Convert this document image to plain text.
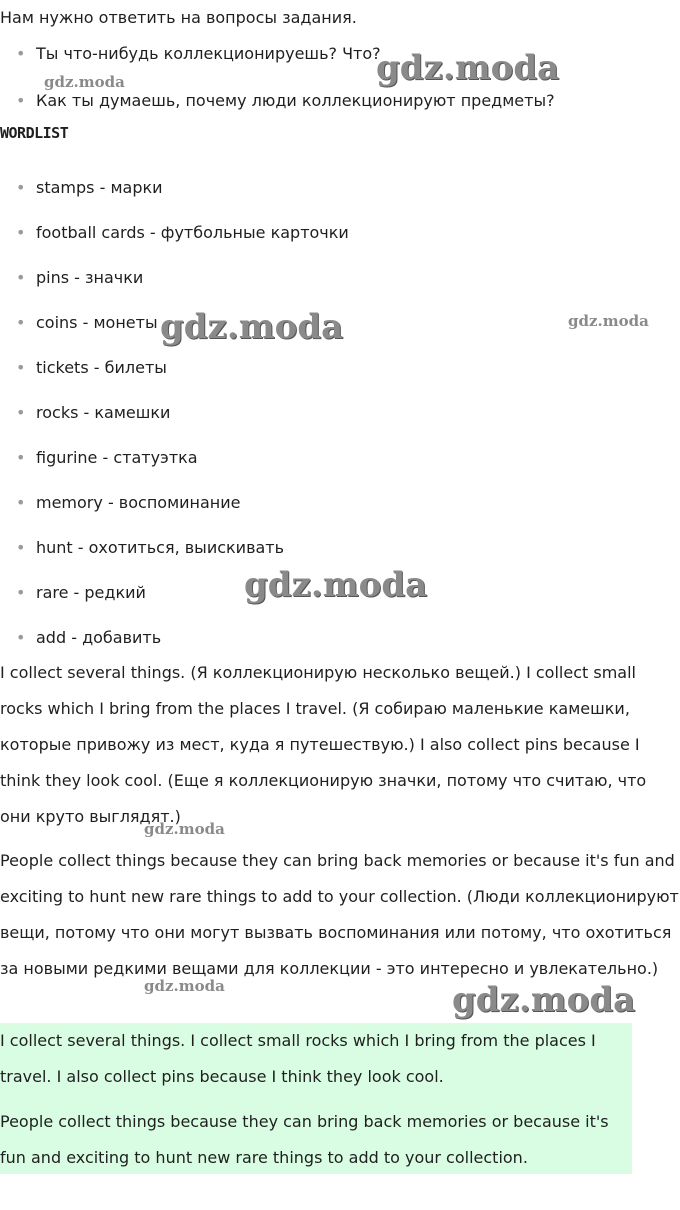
Нам нужно ответить на вопросы задания.
• Ты что-нибудь коллекционируешь? Что?
• Как ты думаешь, почему люди коллекционируют предметы?
WORDLIST
• stamps - марки
• football cards - футбольные карточки
• pins - значки
• coins - монеты
• tickets - билеты
• rocks - камешки
• figurine - статуэтка
• memory - воспоминание
• hunt - охотиться, выискивать
• rare - редкий
• add - добавить
I collect several things. (Я коллекционирую несколько вещей.) I collect small rocks which I bring from the places I travel. (Я собираю маленькие камешки, которые привожу из мест, куда я путешествую.) I also collect pins because I think they look cool. (Еще я коллекционирую значки, потому что считаю, что они круто выглядят.)
People collect things because they can bring back memories or because it's fun and exciting to hunt new rare things to add to your collection. (Люди коллекционируют вещи, потому что они могут вызвать воспоминания или потому, что охотиться за новыми редкими вещами для коллекции - это интересно и увлекательно.)
I collect several things. I collect small rocks which I bring from the places I travel. I also collect pins because I think they look cool.
People collect things because they can bring back memories or because it's fun and exciting to hunt new rare things to add to your collection.
gdz.moda
gdz.moda
gdz.moda	gdz.moda
gdz.moda
gdz.moda
gdz.moda	gdz.moda
